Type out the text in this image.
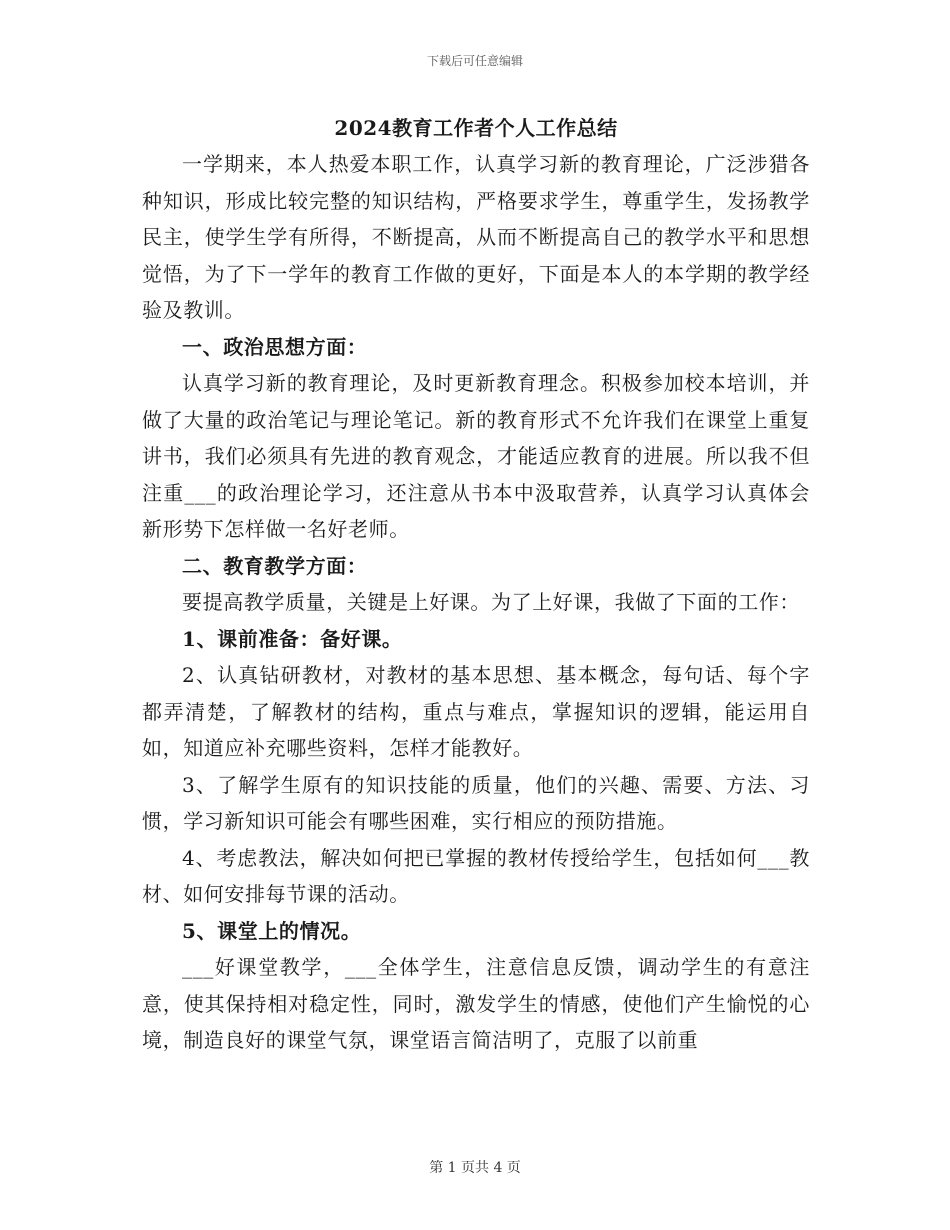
下载后可任意编辑
2024教育工作者个人工作总结

一学期来，本人热爱本职工作，认真学习新的教育理论，广泛涉猎各种知识，形成比较完整的知识结构，严格要求学生，尊重学生，发扬教学民主，使学生学有所得，不断提高，从而不断提高自己的教学水平和思想觉悟，为了下一学年的教育工作做的更好，下面是本人的本学期的教学经验及教训。

一、政治思想方面：

认真学习新的教育理论，及时更新教育理念。积极参加校本培训，并做了大量的政治笔记与理论笔记。新的教育形式不允许我们在课堂上重复讲书，我们必须具有先进的教育观念，才能适应教育的进展。所以我不但注重___的政治理论学习，还注意从书本中汲取营养，认真学习认真体会新形势下怎样做一名好老师。

二、教育教学方面：

要提高教学质量，关键是上好课。为了上好课，我做了下面的工作：

1、课前准备：备好课。

2、认真钻研教材，对教材的基本思想、基本概念，每句话、每个字都弄清楚，了解教材的结构，重点与难点，掌握知识的逻辑，能运用自如，知道应补充哪些资料，怎样才能教好。

3、了解学生原有的知识技能的质量，他们的兴趣、需要、方法、习惯，学习新知识可能会有哪些困难，实行相应的预防措施。

4、考虑教法，解决如何把已掌握的教材传授给学生，包括如何___教材、如何安排每节课的活动。

5、课堂上的情况。

___好课堂教学，___全体学生，注意信息反馈，调动学生的有意注意，使其保持相对稳定性，同时，激发学生的情感，使他们产生愉悦的心境，制造良好的课堂气氛，课堂语言简洁明了，克服了以前重

第 1 页共 4 页
